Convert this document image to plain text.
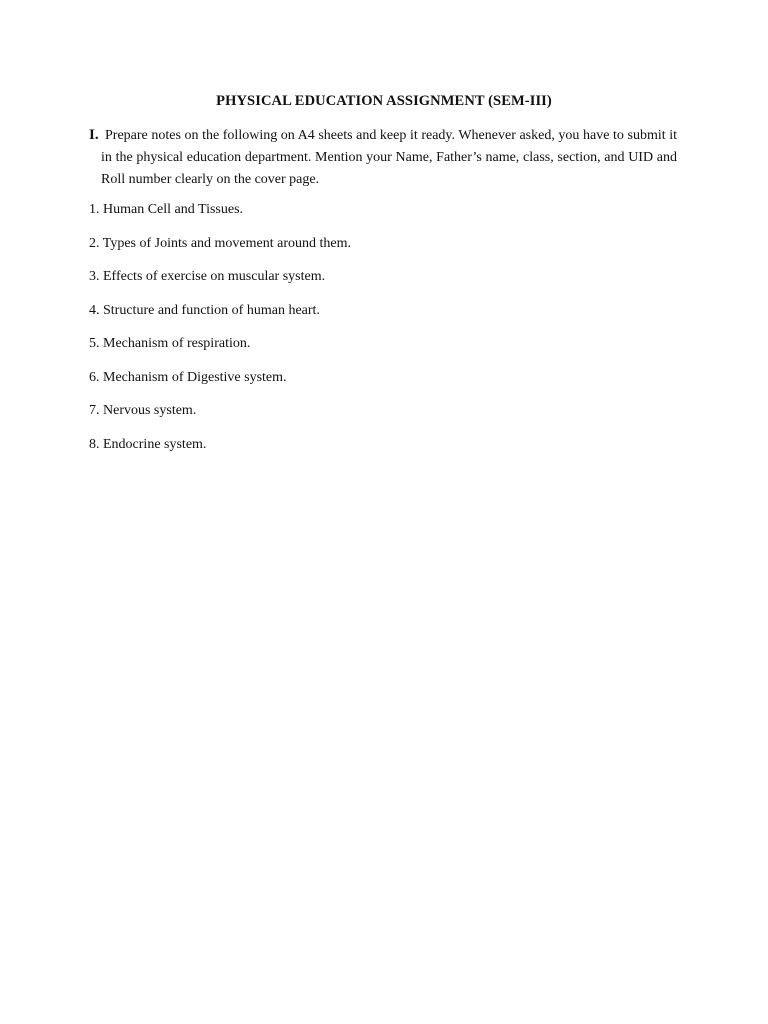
PHYSICAL EDUCATION ASSIGNMENT (SEM-III)
I. Prepare notes on the following on A4 sheets and keep it ready. Whenever asked, you have to submit it in the physical education department. Mention your Name, Father’s name, class, section, and UID and Roll number clearly on the cover page.
1. Human Cell and Tissues.
2. Types of Joints and movement around them.
3. Effects of exercise on muscular system.
4. Structure and function of human heart.
5. Mechanism of respiration.
6. Mechanism of Digestive system.
7. Nervous system.
8. Endocrine system.
